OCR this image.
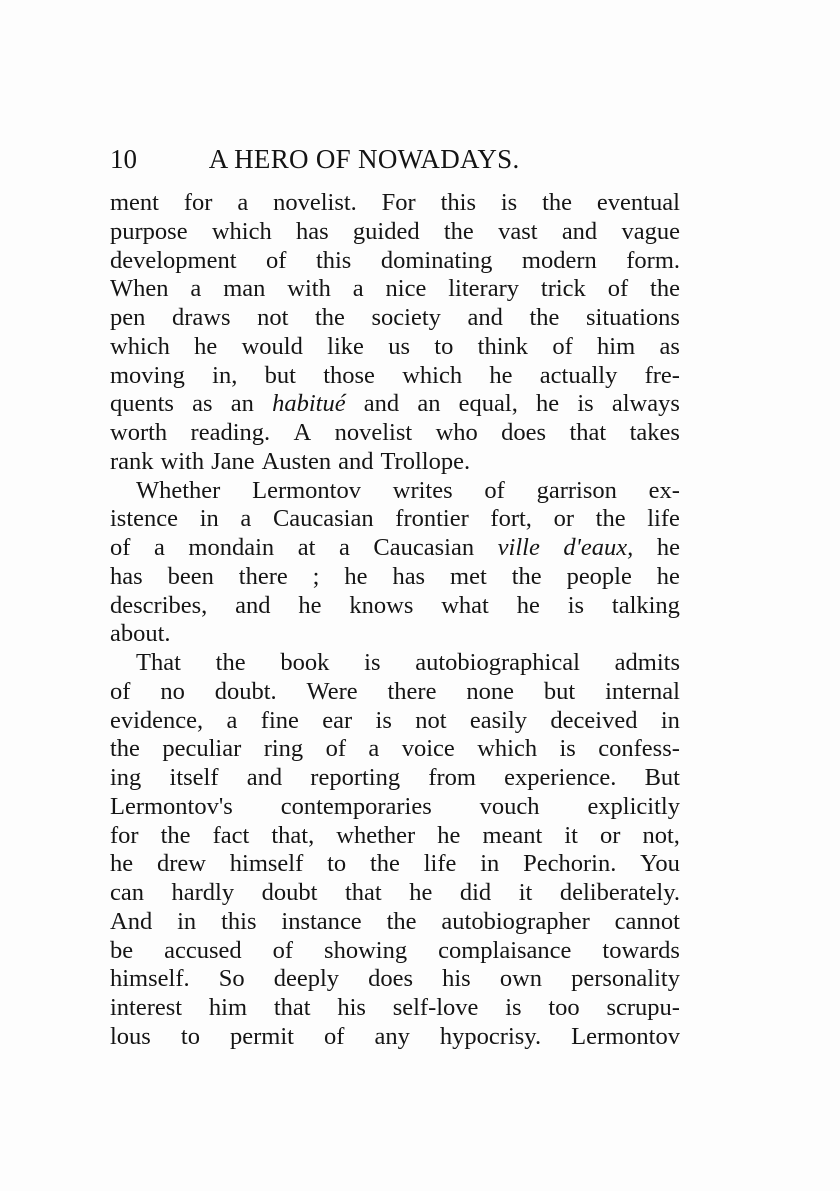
10	A HERO OF NOWADAYS.
ment for a novelist. For this is the eventual
purpose which has guided the vast and vague
development of this dominating modern form.
When a man with a nice literary trick of the
pen draws not the society and the situations
which he would like us to think of him as
moving in, but those which he actually fre-
quents as an habitué and an equal, he is always
worth reading. A novelist who does that takes
rank with Jane Austen and Trollope.
Whether Lermontov writes of garrison ex-
istence in a Caucasian frontier fort, or the life
of a mondain at a Caucasian ville d'eaux, he
has been there ; he has met the people he
describes, and he knows what he is talking
about.
That the book is autobiographical admits
of no doubt. Were there none but internal
evidence, a fine ear is not easily deceived in
the peculiar ring of a voice which is confess-
ing itself and reporting from experience. But
Lermontov's contemporaries vouch explicitly
for the fact that, whether he meant it or not,
he drew himself to the life in Pechorin. You
can hardly doubt that he did it deliberately.
And in this instance the autobiographer cannot
be accused of showing complaisance towards
himself. So deeply does his own personality
interest him that his self-love is too scrupu-
lous to permit of any hypocrisy. Lermontov
